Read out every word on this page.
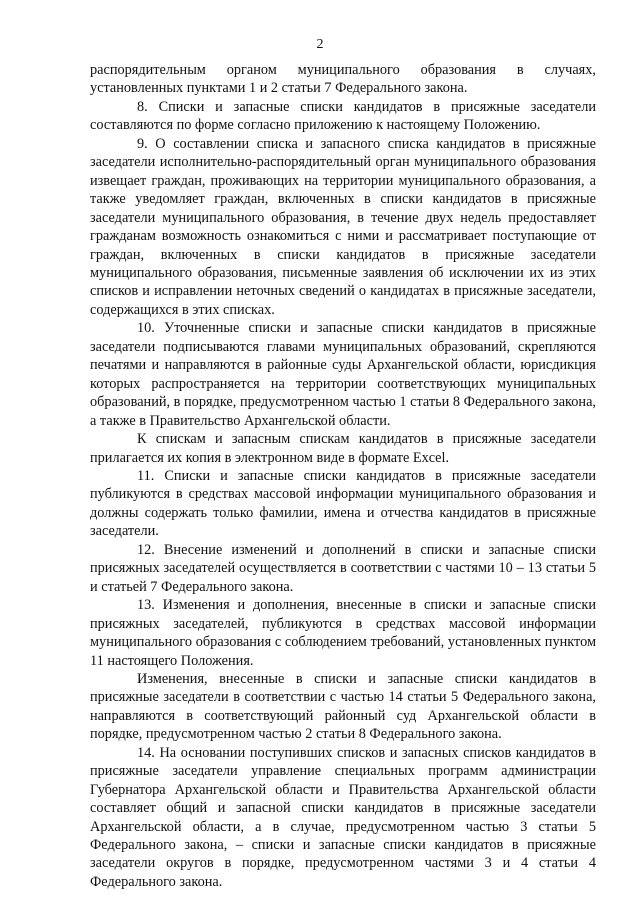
2

распорядительным органом муниципального образования в случаях, установленных пунктами 1 и 2 статьи 7 Федерального закона.

8. Списки и запасные списки кандидатов в присяжные заседатели составляются по форме согласно приложению к настоящему Положению.

9. О составлении списка и запасного списка кандидатов в присяжные заседатели исполнительно-распорядительный орган муниципального образования извещает граждан, проживающих на территории муниципального образования, а также уведомляет граждан, включенных в списки кандидатов в присяжные заседатели муниципального образования, в течение двух недель предоставляет гражданам возможность ознакомиться с ними и рассматривает поступающие от граждан, включенных в списки кандидатов в присяжные заседатели муниципального образования, письменные заявления об исключении их из этих списков и исправлении неточных сведений о кандидатах в присяжные заседатели, содержащихся в этих списках.

10. Уточненные списки и запасные списки кандидатов в присяжные заседатели подписываются главами муниципальных образований, скрепляются печатями и направляются в районные суды Архангельской области, юрисдикция которых распространяется на территории соответствующих муниципальных образований, в порядке, предусмотренном частью 1 статьи 8 Федерального закона, а также в Правительство Архангельской области.

К спискам и запасным спискам кандидатов в присяжные заседатели прилагается их копия в электронном виде в формате Excel.

11. Списки и запасные списки кандидатов в присяжные заседатели публикуются в средствах массовой информации муниципального образования и должны содержать только фамилии, имена и отчества кандидатов в присяжные заседатели.

12. Внесение изменений и дополнений в списки и запасные списки присяжных заседателей осуществляется в соответствии с частями 10 – 13 статьи 5 и статьей 7 Федерального закона.

13. Изменения и дополнения, внесенные в списки и запасные списки присяжных заседателей, публикуются в средствах массовой информации муниципального образования с соблюдением требований, установленных пунктом 11 настоящего Положения.

Изменения, внесенные в списки и запасные списки кандидатов в присяжные заседатели в соответствии с частью 14 статьи 5 Федерального закона, направляются в соответствующий районный суд Архангельской области в порядке, предусмотренном частью 2 статьи 8 Федерального закона.

14. На основании поступивших списков и запасных списков кандидатов в присяжные заседатели управление специальных программ администрации Губернатора Архангельской области и Правительства Архангельской области составляет общий и запасной списки кандидатов в присяжные заседатели Архангельской области, а в случае, предусмотренном частью 3 статьи 5 Федерального закона, – списки и запасные списки кандидатов в присяжные заседатели округов в порядке, предусмотренном частями 3 и 4 статьи 4 Федерального закона.
